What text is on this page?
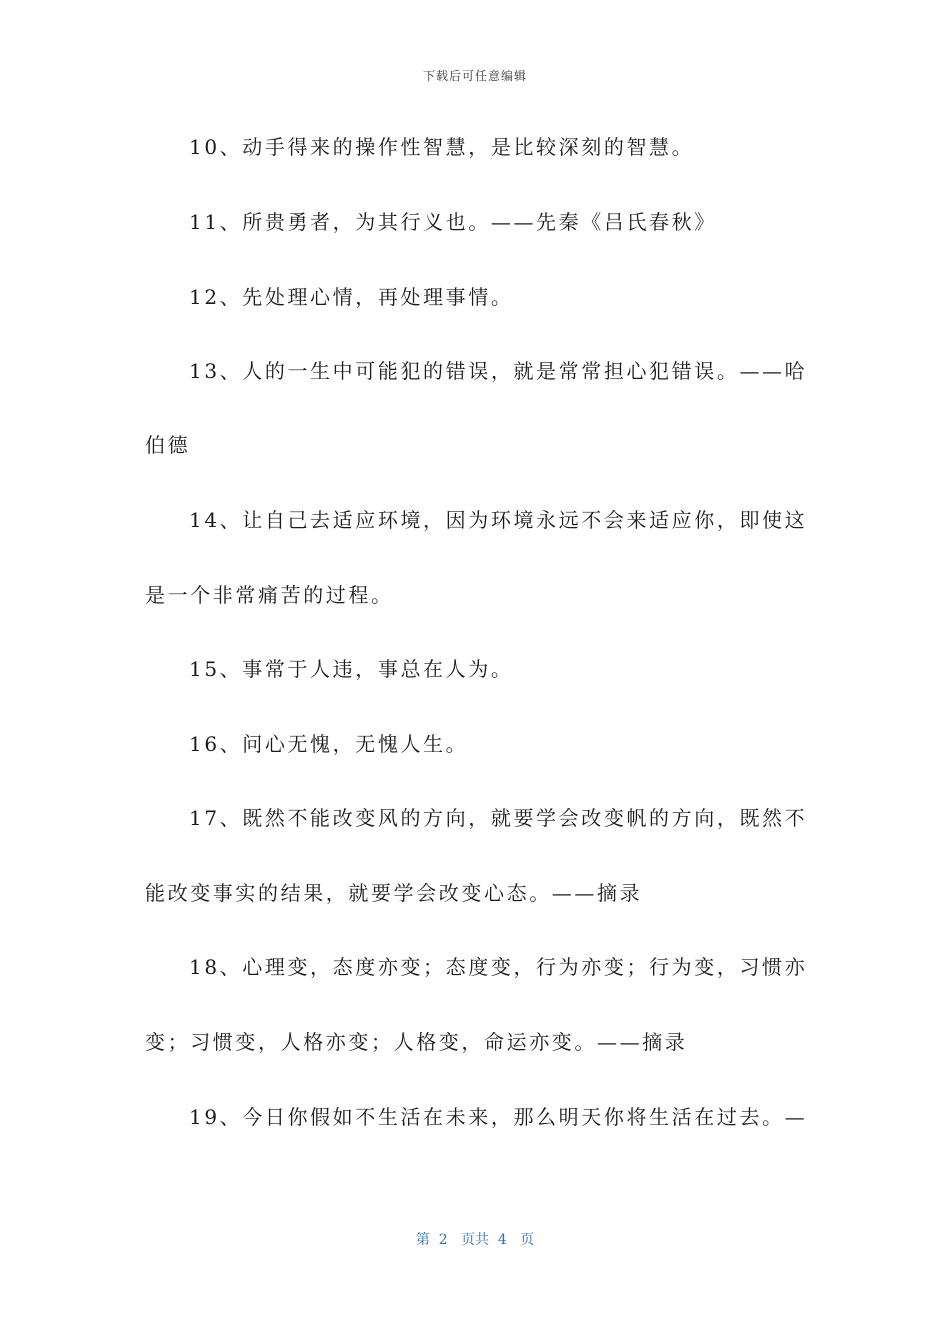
下载后可任意编辑
10、动手得来的操作性智慧，是比较深刻的智慧。
11、所贵勇者，为其行义也。——先秦《吕氏春秋》
12、先处理心情，再处理事情。
13、人的一生中可能犯的错误，就是常常担心犯错误。——哈
伯德
14、让自己去适应环境，因为环境永远不会来适应你，即使这
是一个非常痛苦的过程。
15、事常于人违，事总在人为。
16、问心无愧，无愧人生。
17、既然不能改变风的方向，就要学会改变帆的方向，既然不
能改变事实的结果，就要学会改变心态。——摘录
18、心理变，态度亦变；态度变，行为亦变；行为变，习惯亦
变；习惯变，人格亦变；人格变，命运亦变。——摘录
19、今日你假如不生活在未来，那么明天你将生活在过去。—
第  2   页共  4   页
